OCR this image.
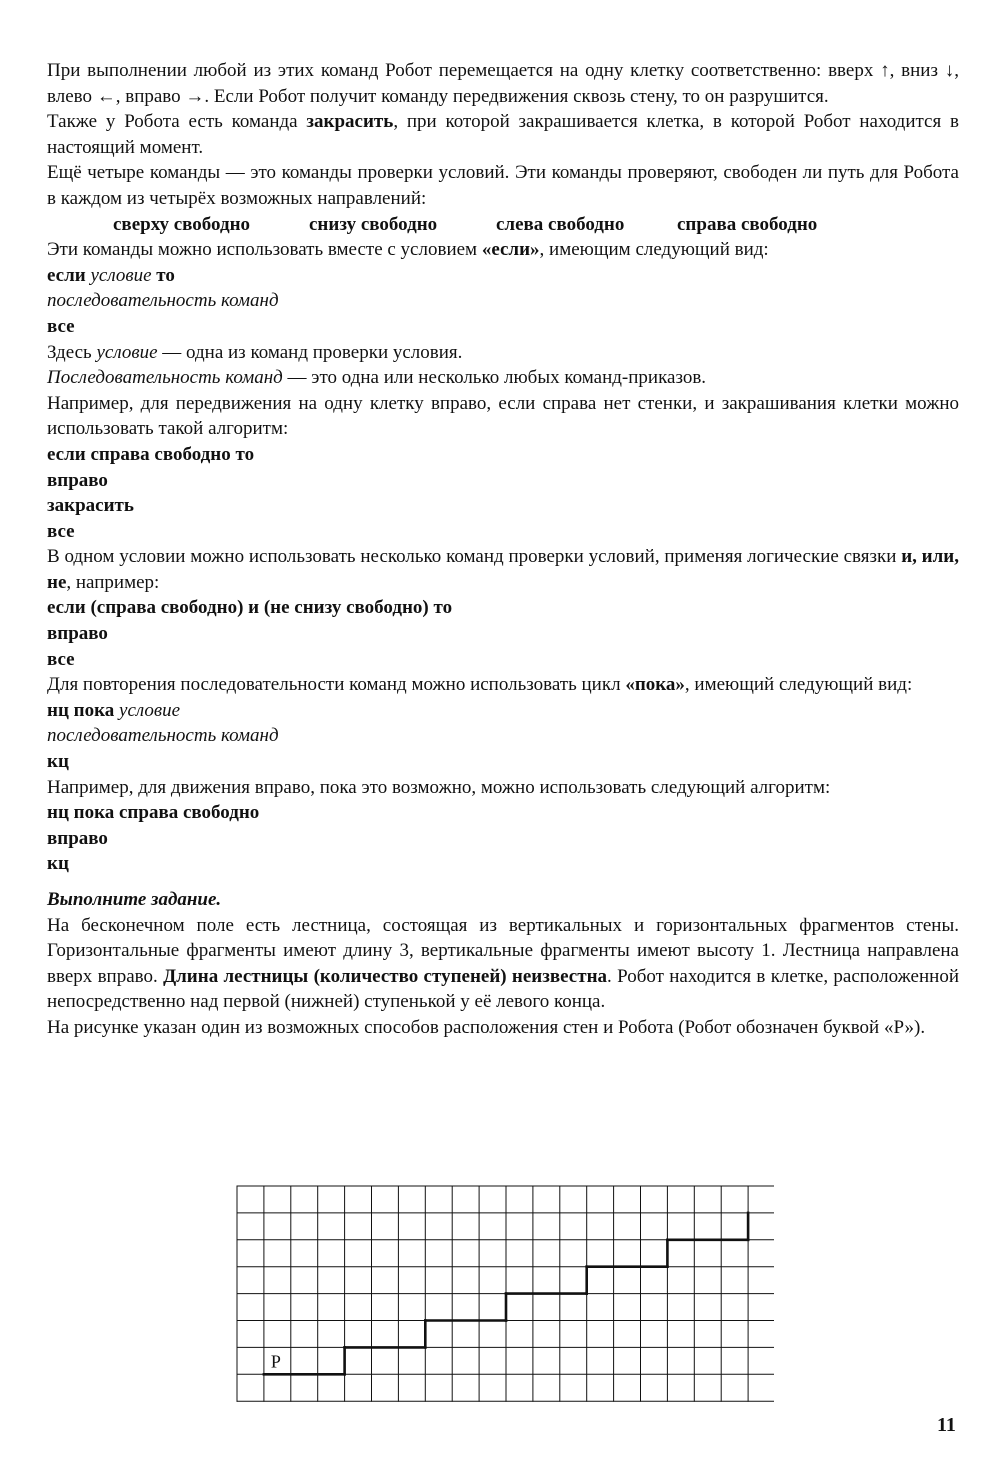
При выполнении любой из этих команд Робот перемещается на одну клетку соответственно: вверх ↑, вниз ↓, влево ←, вправо →. Если Робот получит команду передвижения сквозь стену, то он разрушится.

Также у Робота есть команда закрасить, при которой закрашивается клетка, в которой Робот находится в настоящий момент.

Ещё четыре команды — это команды проверки условий. Эти команды проверяют, свободен ли путь для Робота в каждом из четырёх возможных направлений:

сверху свободно	снизу свободно	слева свободно	справа свободно

Эти команды можно использовать вместе с условием «если», имеющим следующий вид:

если условие то

последовательность команд

все

Здесь условие — одна из команд проверки условия.

Последовательность команд — это одна или несколько любых команд-приказов.

Например, для передвижения на одну клетку вправо, если справа нет стенки, и закрашивания клетки можно использовать такой алгоритм:

если справа свободно то

вправо

закрасить

все

В одном условии можно использовать несколько команд проверки условий, применяя логические связки и, или, не, например:

если (справа свободно) и (не снизу свободно) то

вправо

все

Для повторения последовательности команд можно использовать цикл «пока», имеющий следующий вид:

нц пока условие

последовательность команд

кц

Например, для движения вправо, пока это возможно, можно использовать следующий алгоритм:

нц пока справа свободно

вправо

кц

Выполните задание.

На бесконечном поле есть лестница, состоящая из вертикальных и горизонтальных фрагментов стены. Горизонтальные фрагменты имеют длину 3, вертикальные фрагменты имеют высоту 1. Лестница направлена вверх вправо. Длина лестницы (количество ступеней) неизвестна. Робот находится в клетке, расположенной непосредственно над первой (нижней) ступенькой у её левого конца.

На рисунке указан один из возможных способов расположения стен и Робота (Робот обозначен буквой «Р»).

Р
11
